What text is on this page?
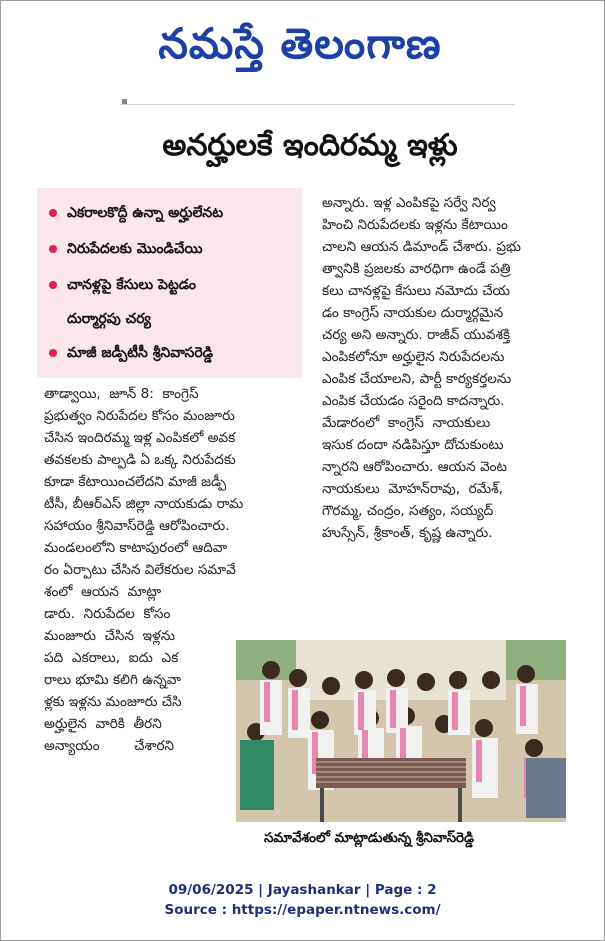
నమస్తే తెలంగాణ
అనర్హులకే ఇందిరమ్మ ఇళ్లు
ఎకరాలకొద్దీ ఉన్నా అర్హులేనట
నిరుపేదలకు మొండిచేయి
చానళ్లపై కేసులు పెట్టడం
దుర్మార్గపు చర్య
మాజీ జడ్పీటీసీ శ్రీనివాసరెడ్డి

తాడ్వాయి,  జూన్ 8:  కాంగ్రెస్

ప్రభుత్వం నిరుపేదల కోసం మంజూరు

చేసిన ఇందిరమ్మ ఇళ్ల ఎంపికలో అవక

తవకలకు పాల్పడి ఏ ఒక్క నిరుపేదకు

కూడా కేటాయించలేదని మాజీ జడ్పీ

టీసీ, బీఆర్ఎస్ జిల్లా నాయకుడు రామ

సహాయం శ్రీనివాస్‌రెడ్డి ఆరోపించారు.

మండలంలోని కాటాపురంలో ఆదివా

రం ఏర్పాటు చేసిన విలేకరుల సమావే

శంలో  ఆయన  మాట్లా

డారు.  నిరుపేదల  కోసం

మంజూరు  చేసిన  ఇళ్లను

పది  ఎకరాలు,  ఐదు  ఎక

రాలు భూమి కలిగి ఉన్నవా

ళ్లకు ఇళ్లను మంజూరు చేసి

అర్హులైన  వారికి  తీరని

అన్యాయం        చేశారని

అన్నారు. ఇళ్ల ఎంపికపై సర్వే నిర్వ

హించి నిరుపేదలకు ఇళ్లను కేటాయిం

చాలని ఆయన డిమాండ్ చేశారు. ప్రభు

త్వానికి ప్రజలకు వారధిగా ఉండే పత్రి

కలు చానళ్లపై కేసులు నమోదు చేయ

డం కాంగ్రెస్ నాయకుల దుర్మార్గమైన

చర్య అని అన్నారు. రాజీవ్ యువశక్తి

ఎంపికలోనూ అర్హులైన నిరుపేదలను

ఎంపిక చేయాలని, పార్టీ కార్యకర్తలను

ఎంపిక చేయడం సరైంది కాదన్నారు.

మేడారంలో  కాంగ్రెస్  నాయకులు

ఇసుక దందా నడిపిస్తూ దోచుకుంటు

న్నారని ఆరోపించారు. ఆయన వెంట

నాయకులు  మోహన్‌రావు,  రమేశ్,

గౌరమ్మ, చంద్రం, సత్యం, సయ్యద్

హుస్సేన్, శ్రీకాంత్, కృష్ణ ఉన్నారు.

సమావేశంలో మాట్లాడుతున్న శ్రీనివాస్‌రెడ్డి
09/06/2025 | Jayashankar | Page : 2
Source : https://epaper.ntnews.com/
